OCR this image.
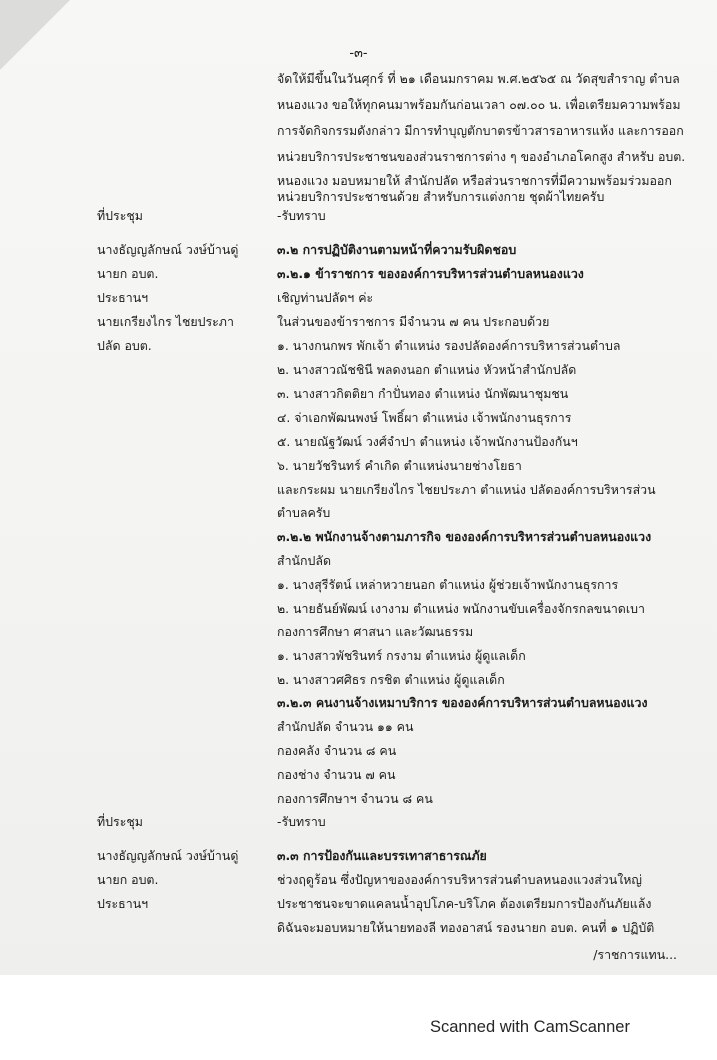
-๓-
จัดให้มีขึ้นในวันศุกร์ ที่ ๒๑ เดือนมกราคม พ.ศ.๒๕๖๕ ณ วัดสุขสำราญ ตำบล
หนองแวง ขอให้ทุกคนมาพร้อมกันก่อนเวลา ๐๗.๐๐ น. เพื่อเตรียมความพร้อม
การจัดกิจกรรมดังกล่าว มีการทำบุญตักบาตรข้าวสารอาหารแห้ง และการออก
หน่วยบริการประชาชนของส่วนราชการต่าง ๆ ของอำเภอโคกสูง สำหรับ อบต.
หนองแวง มอบหมายให้ สำนักปลัด หรือส่วนราชการที่มีความพร้อมร่วมออก
หน่วยบริการประชาชนด้วย สำหรับการแต่งกาย ชุดผ้าไทยครับ
ที่ประชุม	-รับทราบ
นางธัญญลักษณ์ วงษ์บ้านดู่
นายก อบต.
ประธานฯ
นายเกรียงไกร ไชยประภา
ปลัด อบต.
๓.๒ การปฏิบัติงานตามหน้าที่ความรับผิดชอบ
๓.๒.๑ ข้าราชการ ขององค์การบริหารส่วนตำบลหนองแวง
เชิญท่านปลัดฯ ค่ะ
ในส่วนของข้าราชการ มีจำนวน ๗ คน ประกอบด้วย
๑. นางกนกพร พักเจ้า ตำแหน่ง รองปลัดองค์การบริหารส่วนตำบล
๒. นางสาวณัชชินี พลดงนอก ตำแหน่ง หัวหน้าสำนักปลัด
๓. นางสาวกิตติยา กำปั่นทอง ตำแหน่ง นักพัฒนาชุมชน
๔. จ่าเอกพัฒนพงษ์ โพธิ์ผา ตำแหน่ง เจ้าพนักงานธุรการ
๕. นายณัฐวัฒน์ วงศ์จำปา ตำแหน่ง เจ้าพนักงานป้องกันฯ
๖. นายวัชรินทร์ คำเกิด ตำแหน่งนายช่างโยธา
และกระผม นายเกรียงไกร ไชยประภา ตำแหน่ง ปลัดองค์การบริหารส่วน
ตำบลครับ
๓.๒.๒ พนักงานจ้างตามภารกิจ ขององค์การบริหารส่วนตำบลหนองแวง
สำนักปลัด
๑. นางสุรีรัตน์ เหล่าหวายนอก ตำแหน่ง ผู้ช่วยเจ้าพนักงานธุรการ
๒. นายธันย์พัฒน์ เงางาม ตำแหน่ง พนักงานขับเครื่องจักรกลขนาดเบา
กองการศึกษา ศาสนา และวัฒนธรรม
๑. นางสาวพัชรินทร์ กรงาม ตำแหน่ง ผู้ดูแลเด็ก
๒. นางสาวศศิธร กรชิต ตำแหน่ง ผู้ดูแลเด็ก
๓.๒.๓ คนงานจ้างเหมาบริการ ขององค์การบริหารส่วนตำบลหนองแวง
สำนักปลัด จำนวน ๑๑ คน
กองคลัง จำนวน ๘ คน
กองช่าง จำนวน ๗ คน
กองการศึกษาฯ จำนวน ๘ คน
ที่ประชุม	-รับทราบ
นางธัญญลักษณ์ วงษ์บ้านดู่
นายก อบต.
ประธานฯ
๓.๓ การป้องกันและบรรเทาสาธารณภัย
ช่วงฤดูร้อน ซึ่งปัญหาขององค์การบริหารส่วนตำบลหนองแวงส่วนใหญ่
ประชาชนจะขาดแคลนน้ำอุปโภค-บริโภค ต้องเตรียมการป้องกันภัยแล้ง
ดิฉันจะมอบหมายให้นายทองลี ทองอาสน์ รองนายก อบต. คนที่ ๑ ปฏิบัติ
/ราชการแทน...
Scanned with CamScanner
